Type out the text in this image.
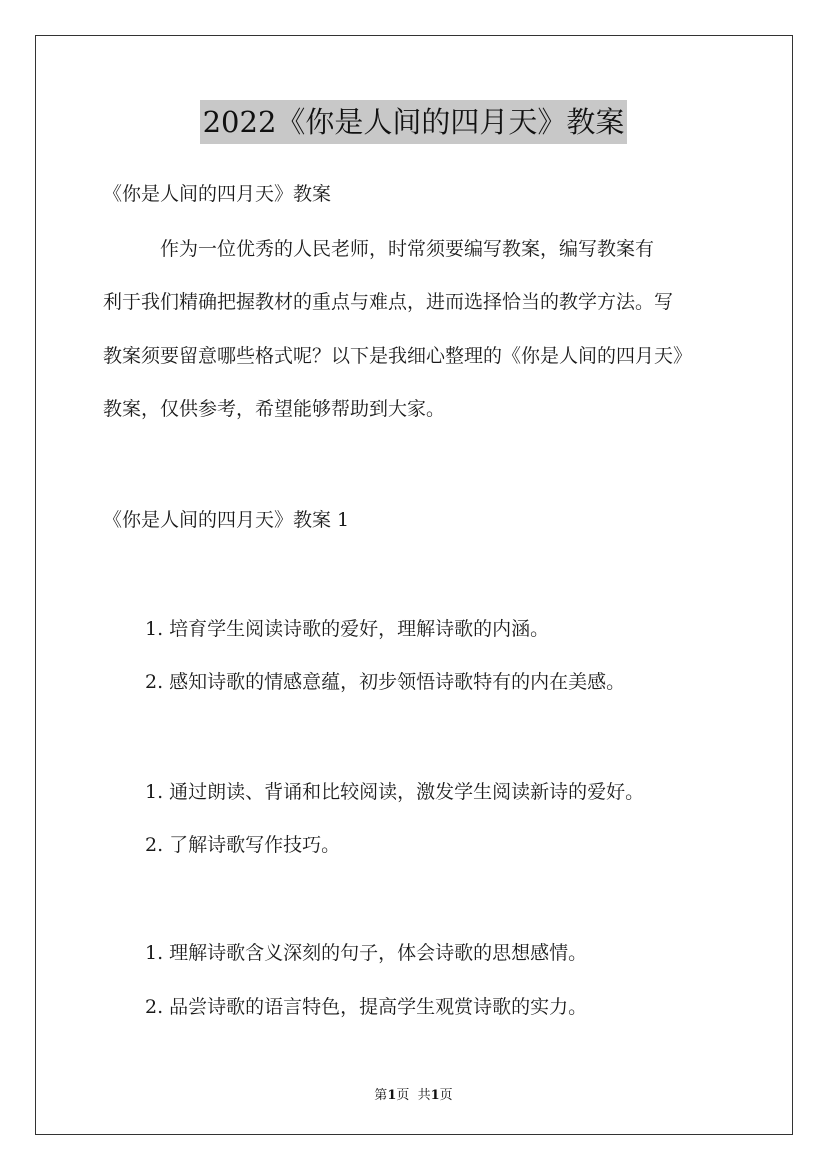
2022《你是人间的四月天》教案
《你是人间的四月天》教案
作为一位优秀的人民老师，时常须要编写教案，编写教案有
利于我们精确把握教材的重点与难点，进而选择恰当的教学方法。写
教案须要留意哪些格式呢？以下是我细心整理的《你是人间的四月天》
教案，仅供参考，希望能够帮助到大家。
《你是人间的四月天》教案 1
1. 培育学生阅读诗歌的爱好，理解诗歌的内涵。
2. 感知诗歌的情感意蕴，初步领悟诗歌特有的内在美感。
1. 通过朗读、背诵和比较阅读，激发学生阅读新诗的爱好。
2. 了解诗歌写作技巧。
1. 理解诗歌含义深刻的句子，体会诗歌的思想感情。
2. 品尝诗歌的语言特色，提高学生观赏诗歌的实力。
第1页  共1页
